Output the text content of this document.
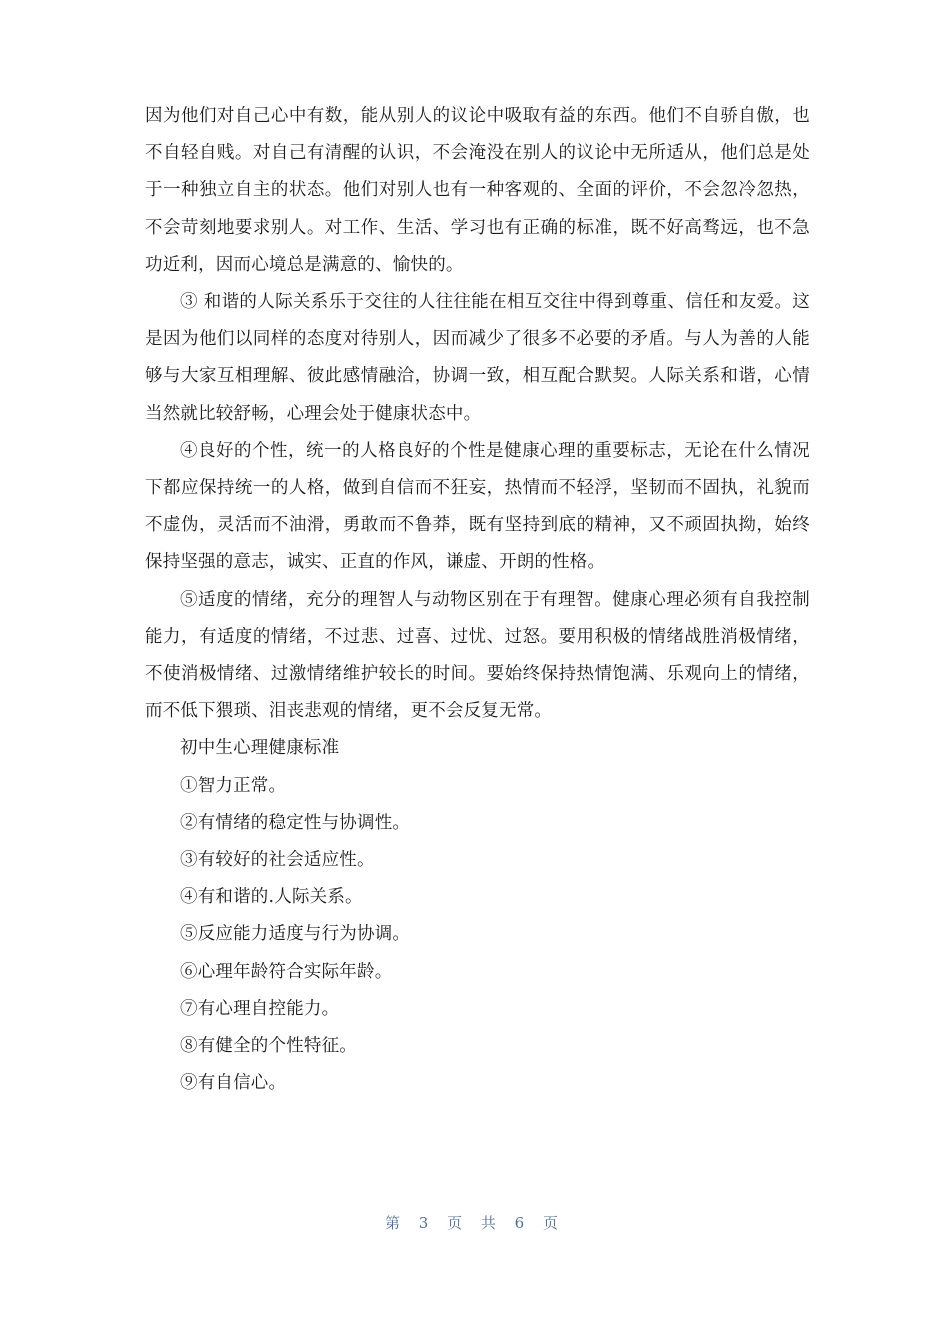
因为他们对自己心中有数，能从别人的议论中吸取有益的东西。他们不自骄自傲，也不自轻自贱。对自己有清醒的认识，不会淹没在别人的议论中无所适从，他们总是处于一种独立自主的状态。他们对别人也有一种客观的、全面的评价，不会忽冷忽热，不会苛刻地要求别人。对工作、生活、学习也有正确的标准，既不好高骛远，也不急功近利，因而心境总是满意的、愉快的。

③ 和谐的人际关系乐于交往的人往往能在相互交往中得到尊重、信任和友爱。这是因为他们以同样的态度对待别人，因而减少了很多不必要的矛盾。与人为善的人能够与大家互相理解、彼此感情融洽，协调一致，相互配合默契。人际关系和谐，心情当然就比较舒畅，心理会处于健康状态中。

④良好的个性，统一的人格良好的个性是健康心理的重要标志，无论在什么情况下都应保持统一的人格，做到自信而不狂妄，热情而不轻浮，坚韧而不固执，礼貌而不虚伪，灵活而不油滑，勇敢而不鲁莽，既有坚持到底的精神，又不顽固执拗，始终保持坚强的意志，诚实、正直的作风，谦虚、开朗的性格。

⑤适度的情绪，充分的理智人与动物区别在于有理智。健康心理必须有自我控制能力，有适度的情绪，不过悲、过喜、过忧、过怒。要用积极的情绪战胜消极情绪，不使消极情绪、过激情绪维护较长的时间。要始终保持热情饱满、乐观向上的情绪，而不低下猥琐、泪丧悲观的情绪，更不会反复无常。

初中生心理健康标准

①智力正常。

②有情绪的稳定性与协调性。

③有较好的社会适应性。

④有和谐的.人际关系。

⑤反应能力适度与行为协调。

⑥心理年龄符合实际年龄。

⑦有心理自控能力。

⑧有健全的个性特征。

⑨有自信心。

第 3 页 共 6 页
